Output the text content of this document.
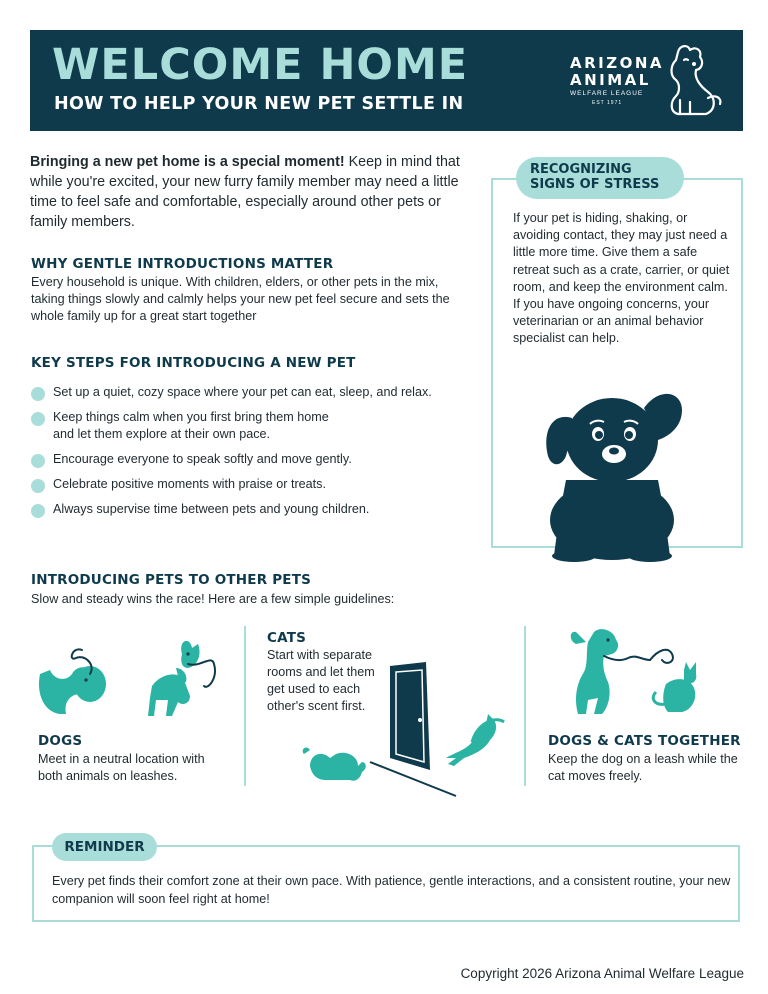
WELCOME HOME
HOW TO HELP YOUR NEW PET SETTLE IN
ARIZONA
ANIMAL
WELFARE LEAGUE
EST 1971
Bringing a new pet home is a special moment! Keep in mind that while you're excited, your new furry family member may need a little time to feel safe and comfortable, especially around other pets or family members.
WHY GENTLE INTRODUCTIONS MATTER
Every household is unique. With children, elders, or other pets in the mix, taking things slowly and calmly helps your new pet feel secure and sets the whole family up for a great start together
KEY STEPS FOR INTRODUCING A NEW PET
Set up a quiet, cozy space where your pet can eat, sleep, and relax.
Keep things calm when you first bring them home and let them explore at their own pace.
Encourage everyone to speak softly and move gently.
Celebrate positive moments with praise or treats.
Always supervise time between pets and young children.
RECOGNIZING
SIGNS OF STRESS
If your pet is hiding, shaking, or avoiding contact, they may just need a little more time. Give them a safe retreat such as a crate, carrier, or quiet room, and keep the environment calm. If you have ongoing concerns, your veterinarian or an animal behavior specialist can help.
INTRODUCING PETS TO OTHER PETS
Slow and steady wins the race! Here are a few simple guidelines:
DOGS
Meet in a neutral location with both animals on leashes.
CATS
Start with separate rooms and let them get used to each other's scent first.
DOGS & CATS TOGETHER
Keep the dog on a leash while the cat moves freely.
REMINDER
Every pet finds their comfort zone at their own pace. With patience, gentle interactions, and a consistent routine, your new companion will soon feel right at home!
Copyright 2026 Arizona Animal Welfare League
